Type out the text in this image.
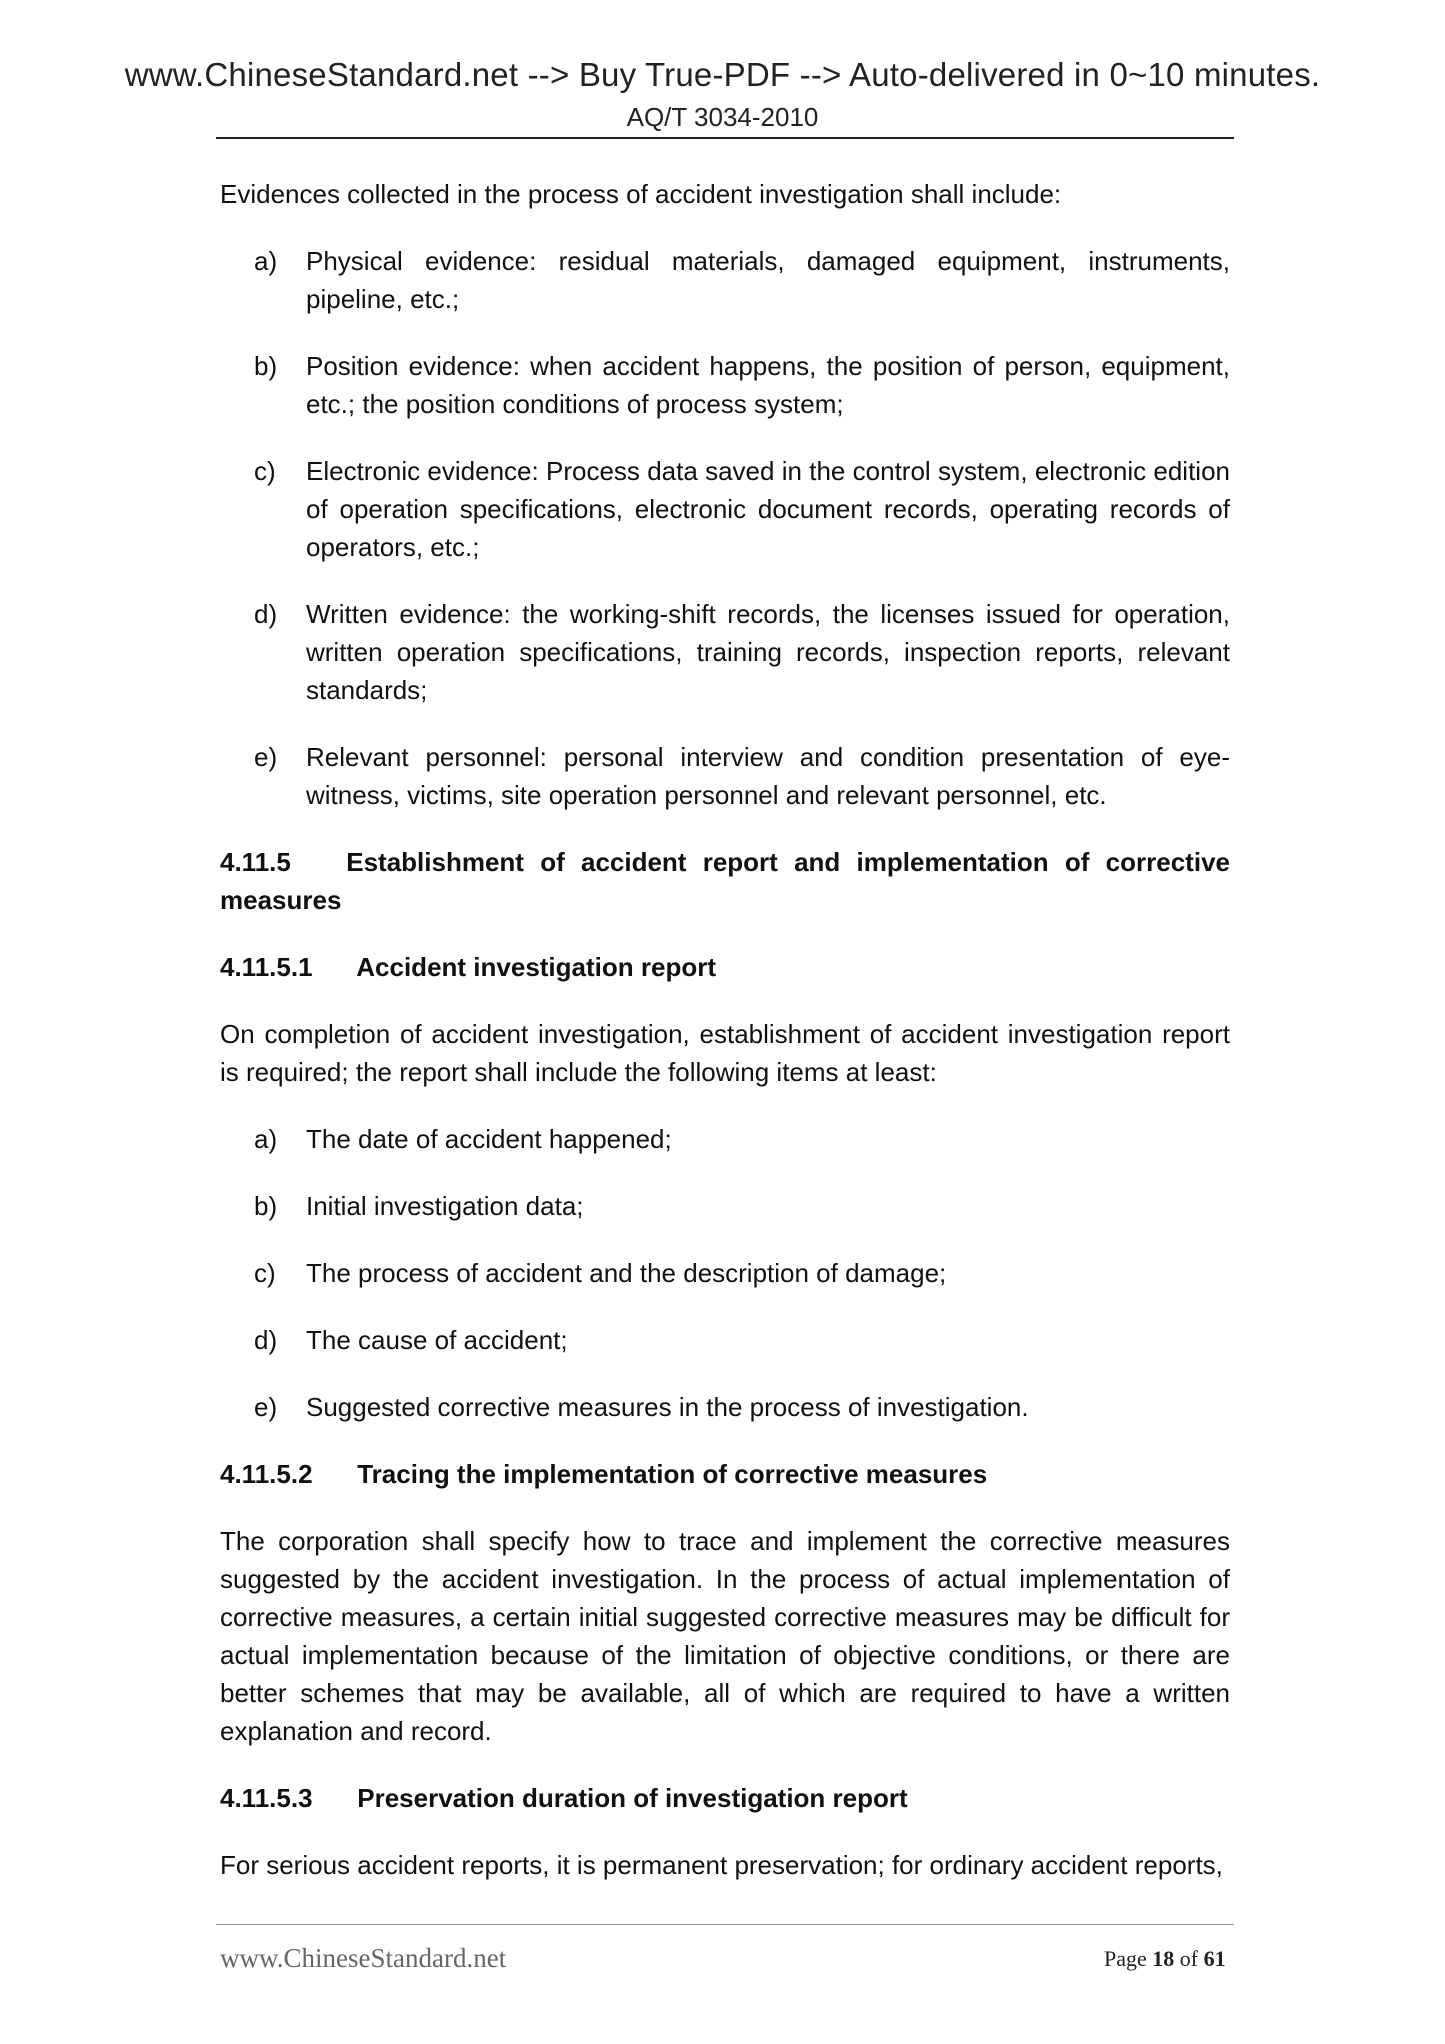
www.ChineseStandard.net --> Buy True-PDF --> Auto-delivered in 0~10 minutes.
AQ/T 3034-2010

Evidences collected in the process of accident investigation shall include:

a)	Physical evidence: residual materials, damaged equipment, instruments, pipeline, etc.;
b)	Position evidence: when accident happens, the position of person, equipment, etc.; the position conditions of process system;
c)	Electronic evidence: Process data saved in the control system, electronic edition of operation specifications, electronic document records, operating records of operators, etc.;
d)	Written evidence: the working-shift records, the licenses issued for operation, written operation specifications, training records, inspection reports, relevant standards;
e)	Relevant personnel: personal interview and condition presentation of eye-witness, victims, site operation personnel and relevant personnel, etc.
4.11.5 Establishment of accident report and implementation of corrective measures
4.11.5.1 Accident investigation report

On completion of accident investigation, establishment of accident investigation report is required; the report shall include the following items at least:

a)	The date of accident happened;
b)	Initial investigation data;
c)	The process of accident and the description of damage;
d)	The cause of accident;
e)	Suggested corrective measures in the process of investigation.
4.11.5.2 Tracing the implementation of corrective measures

The corporation shall specify how to trace and implement the corrective measures suggested by the accident investigation. In the process of actual implementation of corrective measures, a certain initial suggested corrective measures may be difficult for actual implementation because of the limitation of objective conditions, or there are better schemes that may be available, all of which are required to have a written explanation and record.

4.11.5.3 Preservation duration of investigation report

For serious accident reports, it is permanent preservation; for ordinary accident reports,

www.ChineseStandard.net	Page 18 of 61
